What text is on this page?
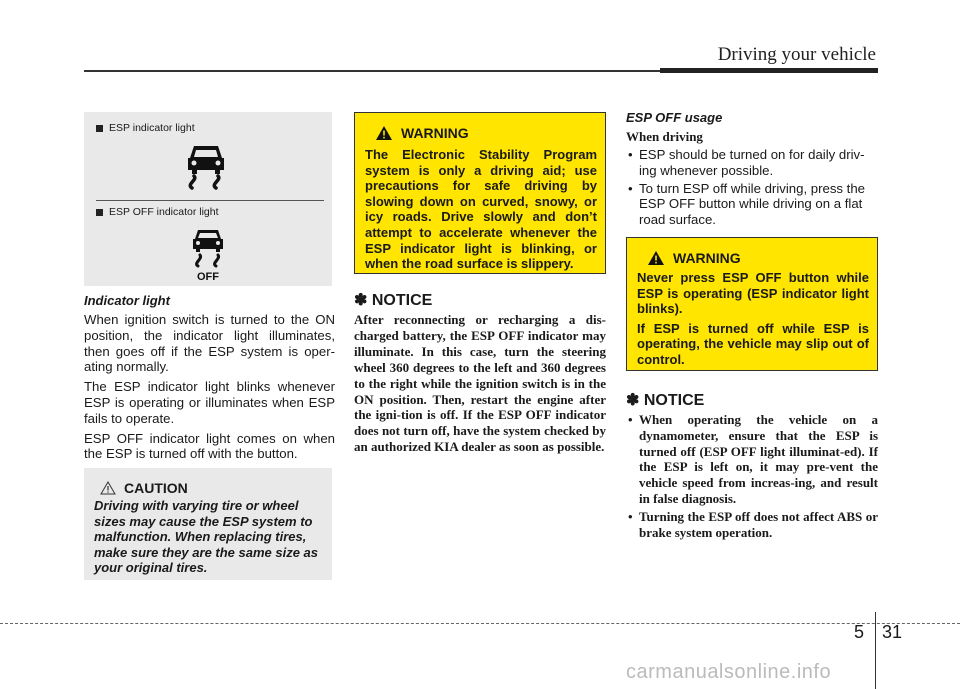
Driving your vehicle
ESP indicator light
ESP OFF indicator light
OFF

Indicator light

When ignition switch is turned to the ON position, the indicator light illuminates, then goes off if the ESP system is oper-ating normally.

The ESP indicator light blinks whenever ESP is operating or illuminates when ESP fails to operate.

ESP OFF indicator light comes on when the ESP is turned off with the button.

CAUTION
Driving with varying tire or wheel sizes may cause the ESP system to malfunction. When replacing tires, make sure they are the same size as your original tires.
WARNING
The Electronic Stability Program system is only a driving aid; use precautions for safe driving by slowing down on curved, snowy, or icy roads. Drive slowly and don’t attempt to accelerate whenever the ESP indicator light is blinking, or when the road surface is slippery.

✽ NOTICE

After reconnecting or recharging a dis-charged battery, the ESP OFF indicator may illuminate. In this case, turn the steering wheel 360 degrees to the left and 360 degrees to the right while the ignition switch is in the ON position. Then, restart the engine after the igni-tion is off. If the ESP OFF indicator does not turn off, have the system checked by an authorized KIA dealer as soon as possible.

ESP OFF usage

When driving

• ESP should be turned on for daily driv-ing whenever possible.
• To turn ESP off while driving, press the ESP OFF button while driving on a flat road surface.
WARNING

Never press ESP OFF button while ESP is operating (ESP indicator light blinks).

If ESP is turned off while ESP is operating, the vehicle may slip out of control.

✽ NOTICE

• When operating the vehicle on a dynamometer, ensure that the ESP is turned off (ESP OFF light illuminat-ed). If the ESP is left on, it may pre-vent the vehicle speed from increas-ing, and result in false diagnosis.
• Turning the ESP off does not affect ABS or brake system operation.
5 31
carmanualsonline.info
